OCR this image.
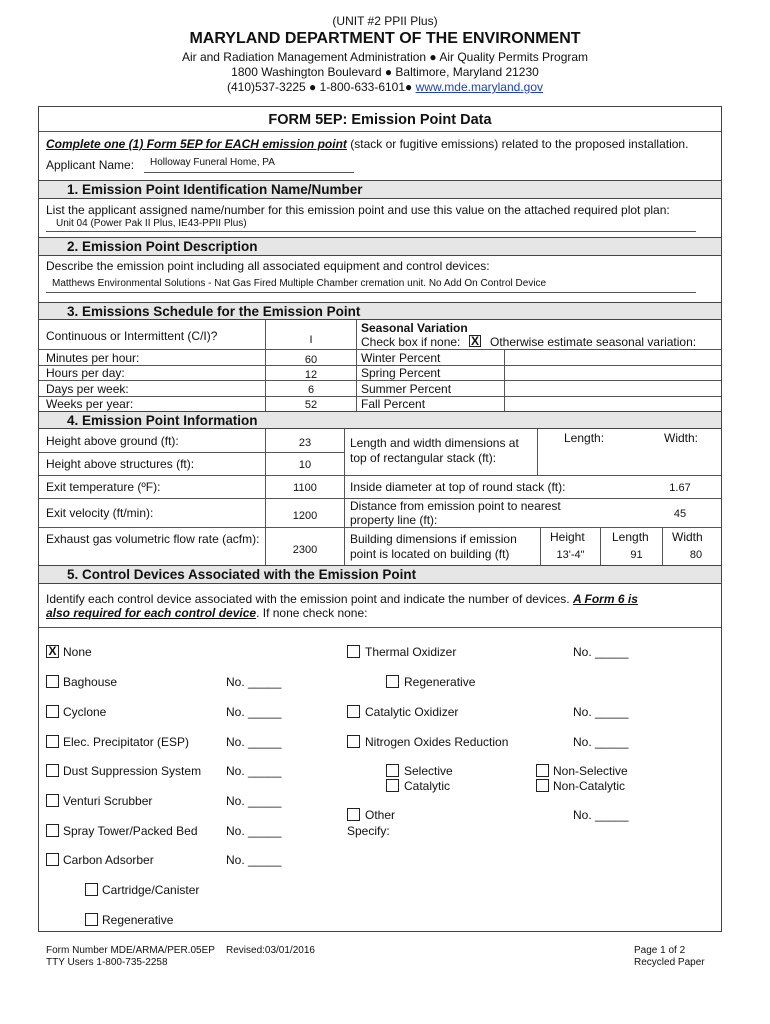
(UNIT #2 PPII Plus)
MARYLAND DEPARTMENT OF THE ENVIRONMENT
Air and Radiation Management Administration ● Air Quality Permits Program
1800 Washington Boulevard ● Baltimore, Maryland 21230
(410)537-3225 ● 1-800-633-6101● www.mde.maryland.gov
FORM 5EP: Emission Point Data
Complete one (1) Form 5EP for EACH emission point (stack or fugitive emissions) related to the proposed installation.
Applicant Name: Holloway Funeral Home, PA
1. Emission Point Identification Name/Number
List the applicant assigned name/number for this emission point and use this value on the attached required plot plan:
Unit 04 (Power Pak II Plus, IE43-PPII Plus)
2. Emission Point Description
Describe the emission point including all associated equipment and control devices:
Matthews Environmental Solutions - Nat Gas Fired Multiple Chamber cremation unit. No Add On Control Device
3. Emissions Schedule for the Emission Point
Continuous or Intermittent (C/I)?	I
Minutes per hour:	60
Hours per day:	12
Days per week:	6
Weeks per year:	52
Seasonal Variation
Check box if none: X Otherwise estimate seasonal variation:
Winter Percent
Spring Percent
Summer Percent
Fall Percent
4. Emission Point Information
Height above ground (ft):	23
Height above structures (ft):	10
Length and width dimensions at top of rectangular stack (ft):
Length:	Width:
Exit temperature (ºF):	1100	Inside diameter at top of round stack (ft):	1.67
Exit velocity (ft/min):	1200
Distance from emission point to nearest property line (ft):	45
Exhaust gas volumetric flow rate (acfm):
2300
Building dimensions if emission point is located on building (ft)
Height Length Width
13'-4"	91	80
5. Control Devices Associated with the Emission Point
Identify each control device associated with the emission point and indicate the number of devices. A Form 6 is
also required for each control device. If none check none:
X None
Baghouse	No. _____
Cyclone	No. _____
Elec. Precipitator (ESP)	No. _____
Dust Suppression System No. _____
Venturi Scrubber	No. _____
Spray Tower/Packed Bed No. _____
Carbon Adsorber	No. _____
Cartridge/Canister
Regenerative
Thermal Oxidizer	No. _____
Regenerative
Catalytic Oxidizer	No. _____
Nitrogen Oxides Reduction	No. _____
Selective	Non-Selective
Catalytic	Non-Catalytic
Other	No. _____
Specify:
Form Number MDE/ARMA/PER.05EP Revised:03/01/2016
TTY Users 1-800-735-2258
Page 1 of 2
Recycled Paper
